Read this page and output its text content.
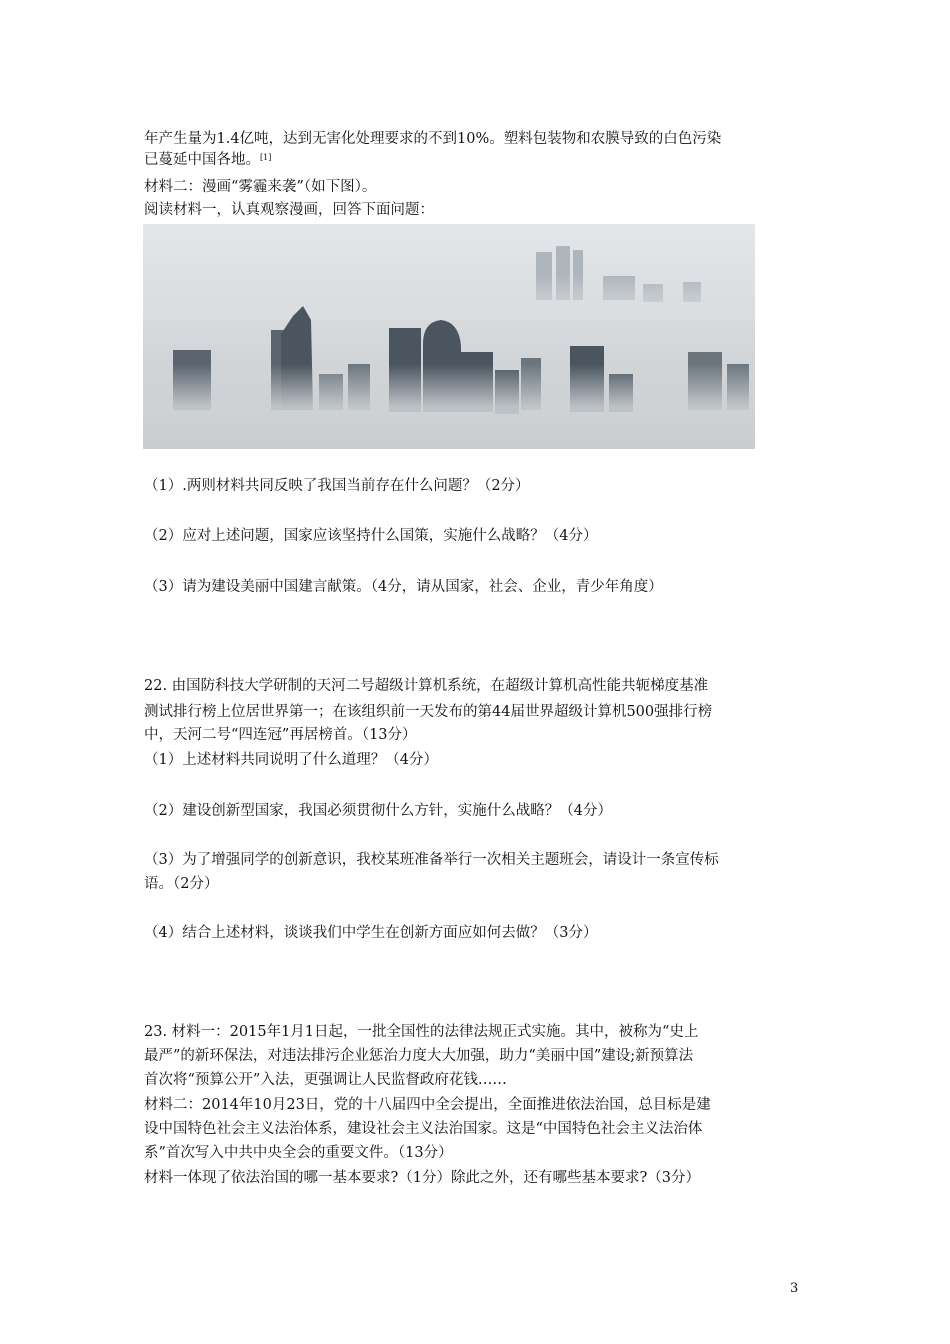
年产生量为1.4亿吨，达到无害化处理要求的不到10%。塑料包装物和农膜导致的白色污染
已蔓延中国各地。[1]
材料二：漫画“雾霾来袭”（如下图）。
阅读材料一，认真观察漫画，回答下面问题：
（1）.两则材料共同反映了我国当前存在什么问题？（2分）
（2）应对上述问题，国家应该坚持什么国策，实施什么战略？（4分）
（3）请为建设美丽中国建言献策。（4分，请从国家，社会、企业，青少年角度）
22. 由国防科技大学研制的天河二号超级计算机系统，在超级计算机高性能共轭梯度基准
测试排行榜上位居世界第一；在该组织前一天发布的第44届世界超级计算机500强排行榜
中，天河二号“四连冠”再居榜首。（13分）
（1）上述材料共同说明了什么道理？（4分）
（2）建设创新型国家，我国必须贯彻什么方针，实施什么战略？（4分）
（3）为了增强同学的创新意识，我校某班准备举行一次相关主题班会，请设计一条宣传标
语。（2分）
（4）结合上述材料，谈谈我们中学生在创新方面应如何去做？（3分）
23. 材料一：2015年1月1日起，一批全国性的法律法规正式实施。其中，被称为“史上
最严”的新环保法，对违法排污企业惩治力度大大加强，助力“美丽中国”建设;新预算法
首次将“预算公开”入法，更强调让人民监督政府花钱……
材料二：2014年10月23日，党的十八届四中全会提出，全面推进依法治国，总目标是建
设中国特色社会主义法治体系，建设社会主义法治国家。这是“中国特色社会主义法治体
系”首次写入中共中央全会的重要文件。（13分）
材料一体现了依法治国的哪一基本要求?（1分）除此之外，还有哪些基本要求?（3分）
3
